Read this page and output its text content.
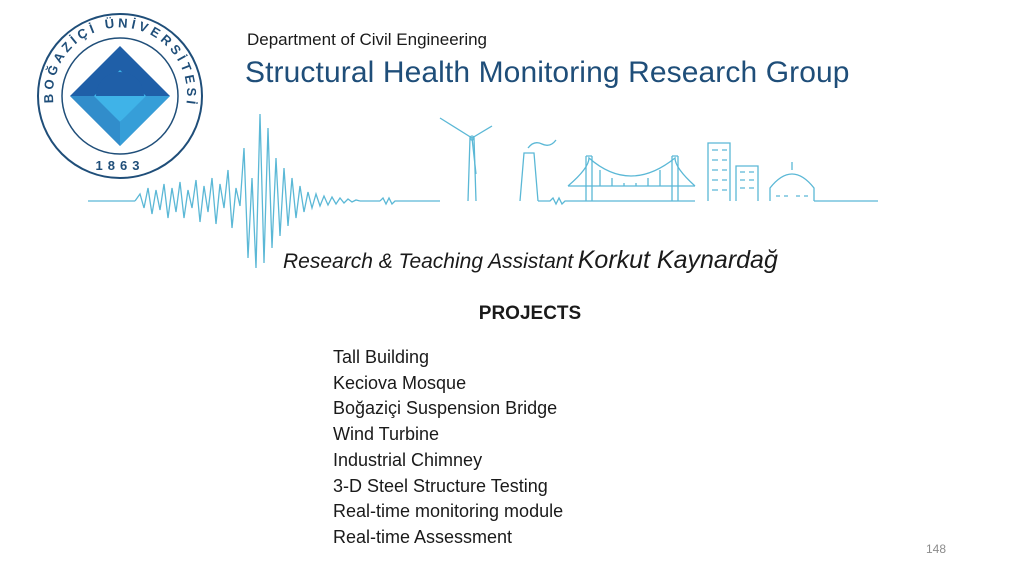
BOĞAZİÇİ ÜNİVERSİTESİ
1863
Department of Civil Engineering
Structural Health Monitoring Research Group
Research & Teaching Assistant Korkut Kaynardağ
PROJECTS
Tall Building
Keciova Mosque
Boğaziçi Suspension Bridge
Wind Turbine
Industrial Chimney
3-D Steel Structure Testing
Real-time monitoring module
Real-time Assessment
148
